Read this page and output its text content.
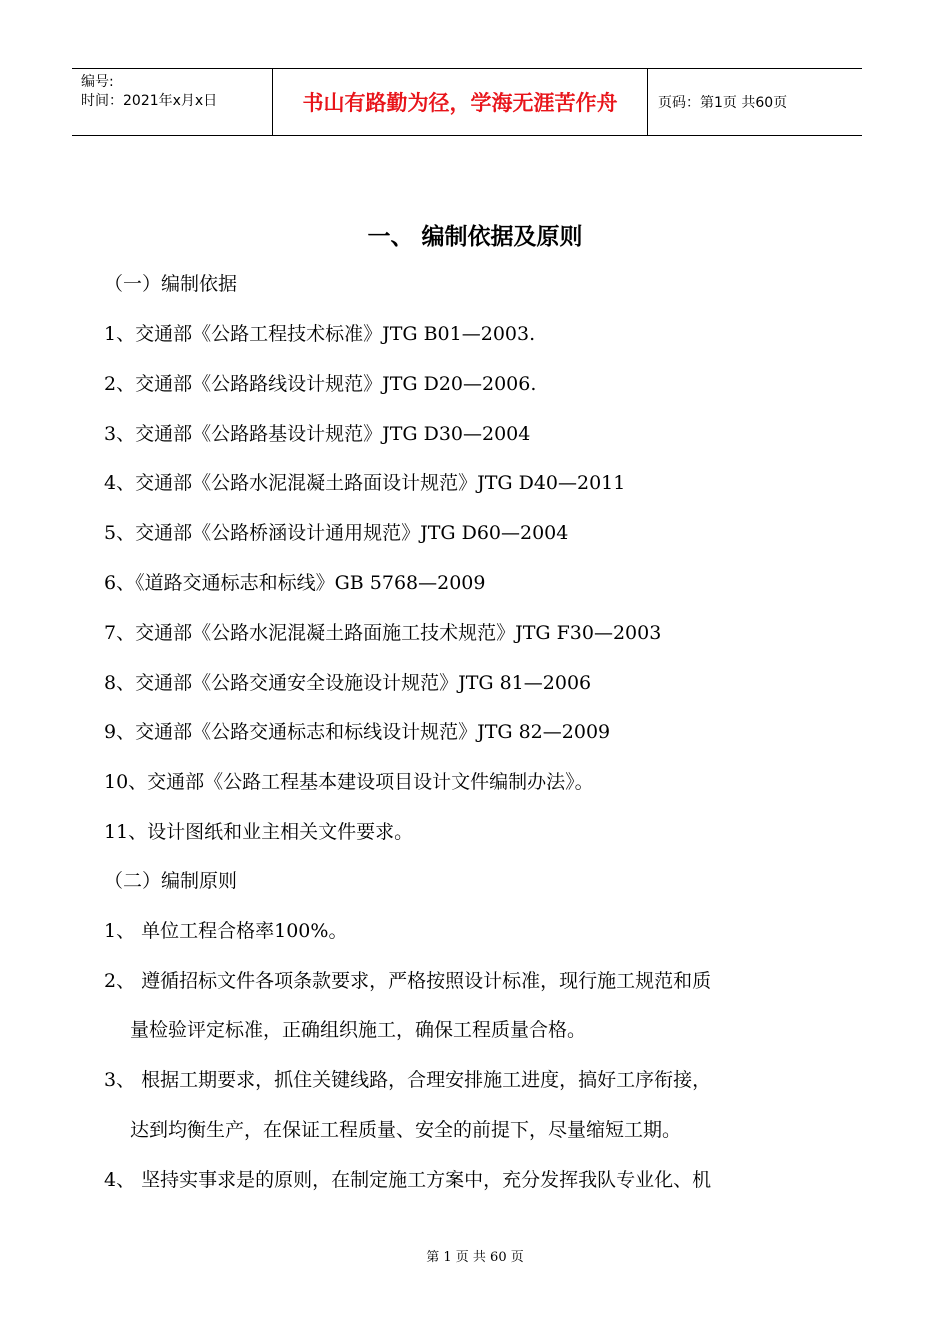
编号:
时间：2021年x月x日	书山有路勤为径，学海无涯苦作舟	页码：第1页 共60页
一、 编制依据及原则
（一）编制依据
1、交通部《公路工程技术标准》JTG B01—2003.
2、交通部《公路路线设计规范》JTG D20—2006.
3、交通部《公路路基设计规范》JTG D30—2004
4、交通部《公路水泥混凝土路面设计规范》JTG D40—2011
5、交通部《公路桥涵设计通用规范》JTG D60—2004
6、《道路交通标志和标线》GB 5768—2009
7、交通部《公路水泥混凝土路面施工技术规范》JTG F30—2003
8、交通部《公路交通安全设施设计规范》JTG 81—2006
9、交通部《公路交通标志和标线设计规范》JTG 82—2009
10、交通部《公路工程基本建设项目设计文件编制办法》。
11、设计图纸和业主相关文件要求。
（二）编制原则
1、 单位工程合格率100%。
2、 遵循招标文件各项条款要求，严格按照设计标准，现行施工规范和质
量检验评定标准，正确组织施工，确保工程质量合格。
3、 根据工期要求，抓住关键线路，合理安排施工进度，搞好工序衔接，
达到均衡生产，在保证工程质量、安全的前提下，尽量缩短工期。
4、 坚持实事求是的原则，在制定施工方案中，充分发挥我队专业化、机
第 1 页 共 60 页
